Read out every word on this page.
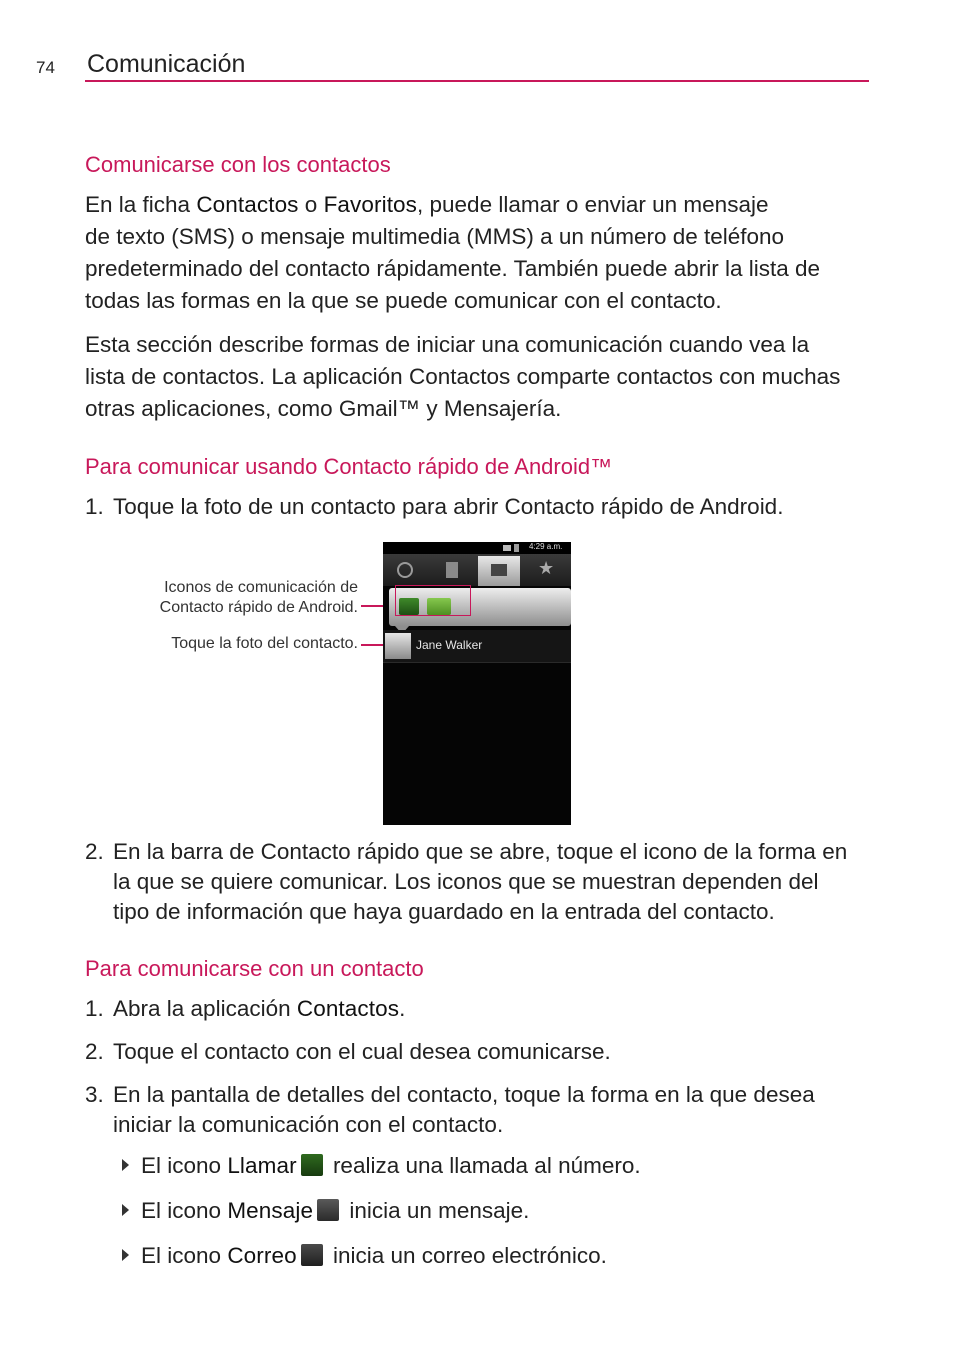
74 Comunicación
Comunicarse con los contactos
En la ficha Contactos o Favoritos, puede llamar o enviar un mensaje
de texto (SMS) o mensaje multimedia (MMS) a un número de teléfono
predeterminado del contacto rápidamente. También puede abrir la lista de
todas las formas en la que se puede comunicar con el contacto.
Esta sección describe formas de iniciar una comunicación cuando vea la
lista de contactos. La aplicación Contactos comparte contactos con muchas
otras aplicaciones, como Gmail™ y Mensajería.
Para comunicar usando Contacto rápido de Android™
1. Toque la foto de un contacto para abrir Contacto rápido de Android.
Iconos de comunicación de
Contacto rápido de Android.
Toque la foto del contacto.
4:29 a.m.
★
Jane Walker
2. En la barra de Contacto rápido que se abre, toque el icono de la forma en
la que se quiere comunicar. Los iconos que se muestran dependen del
tipo de información que haya guardado en la entrada del contacto.
Para comunicarse con un contacto
1. Abra la aplicación Contactos.
2. Toque el contacto con el cual desea comunicarse.
3. En la pantalla de detalles del contacto, toque la forma en la que desea
iniciar la comunicación con el contacto.
El icono Llamar realiza una llamada al número.
El icono Mensaje inicia un mensaje.
El icono Correo inicia un correo electrónico.
